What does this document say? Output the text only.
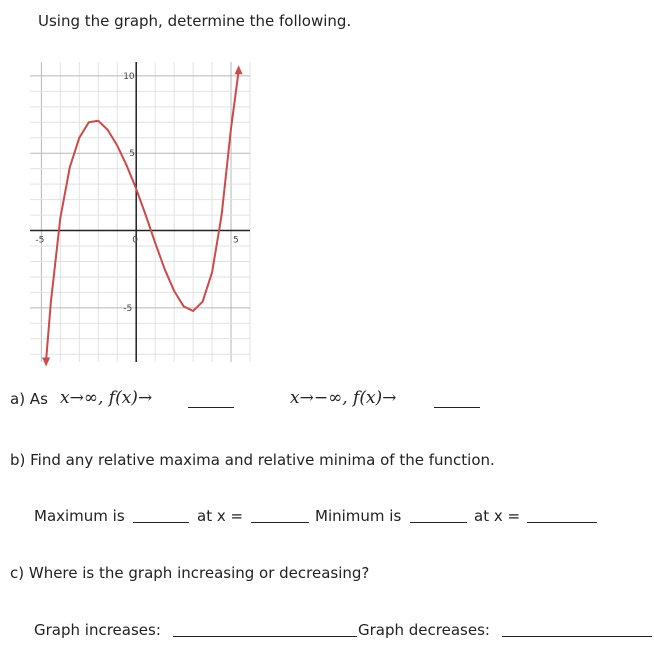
Using the graph, determine the following.
-5	0	5
10
5
-5
a) As x→∞, f(x)→	x→−∞, f(x)→
b) Find any relative maxima and relative minima of the function.
Maximum is	at x =	Minimum is	at x =
c) Where is the graph increasing or decreasing?
Graph increases:	Graph decreases:
